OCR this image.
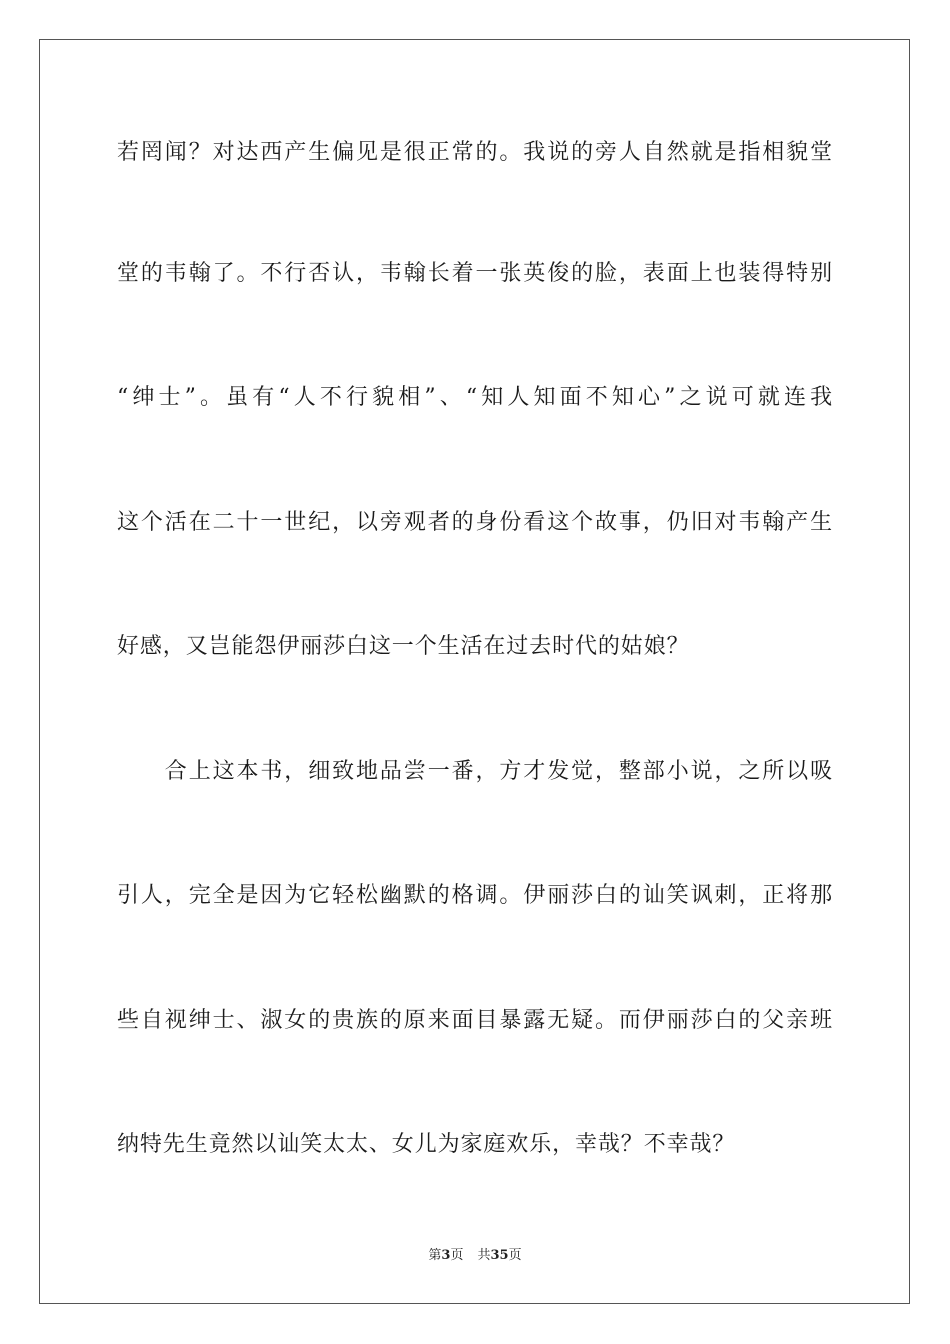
若罔闻？对达西产生偏见是很正常的。我说的旁人自然就是指相貌堂
堂的韦翰了。不行否认，韦翰长着一张英俊的脸，表面上也装得特别
“绅士”。虽有“人不行貌相”、“知人知面不知心”之说可就连我
这个活在二十一世纪，以旁观者的身份看这个故事，仍旧对韦翰产生
好感，又岂能怨伊丽莎白这一个生活在过去时代的姑娘？
　　合上这本书，细致地品尝一番，方才发觉，整部小说，之所以吸
引人，完全是因为它轻松幽默的格调。伊丽莎白的讪笑讽刺，正将那
些自视绅士、淑女的贵族的原来面目暴露无疑。而伊丽莎白的父亲班
纳特先生竟然以讪笑太太、女儿为家庭欢乐，幸哉？不幸哉？
第3页 共35页
